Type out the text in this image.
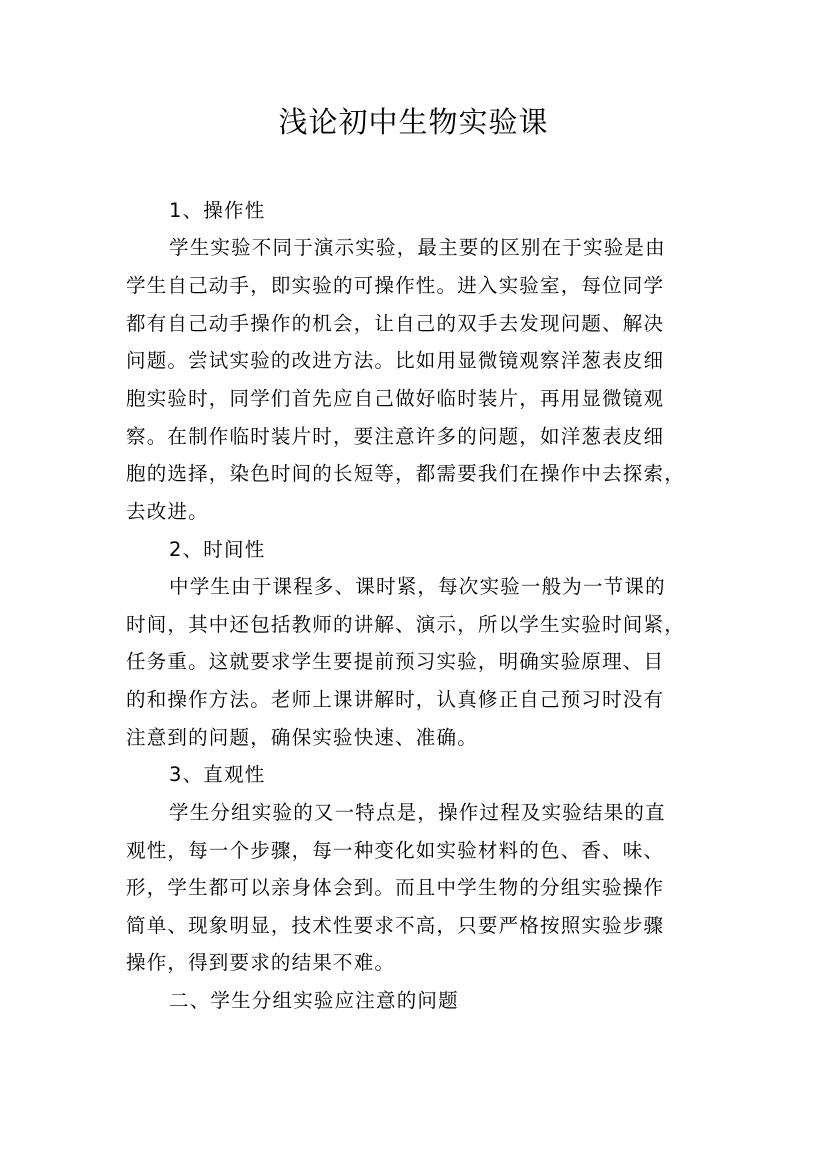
浅论初中生物实验课
1、操作性
学生实验不同于演示实验，最主要的区别在于实验是由
学生自己动手，即实验的可操作性。进入实验室，每位同学
都有自己动手操作的机会，让自己的双手去发现问题、解决
问题。尝试实验的改进方法。比如用显微镜观察洋葱表皮细
胞实验时，同学们首先应自己做好临时装片，再用显微镜观
察。在制作临时装片时，要注意许多的问题，如洋葱表皮细
胞的选择，染色时间的长短等，都需要我们在操作中去探索，
去改进。
2、时间性
中学生由于课程多、课时紧，每次实验一般为一节课的
时间，其中还包括教师的讲解、演示，所以学生实验时间紧，
任务重。这就要求学生要提前预习实验，明确实验原理、目
的和操作方法。老师上课讲解时，认真修正自己预习时没有
注意到的问题，确保实验快速、准确。
3、直观性
学生分组实验的又一特点是，操作过程及实验结果的直
观性，每一个步骤，每一种变化如实验材料的色、香、味、
形，学生都可以亲身体会到。而且中学生物的分组实验操作
简单、现象明显，技术性要求不高，只要严格按照实验步骤
操作，得到要求的结果不难。
二、学生分组实验应注意的问题
